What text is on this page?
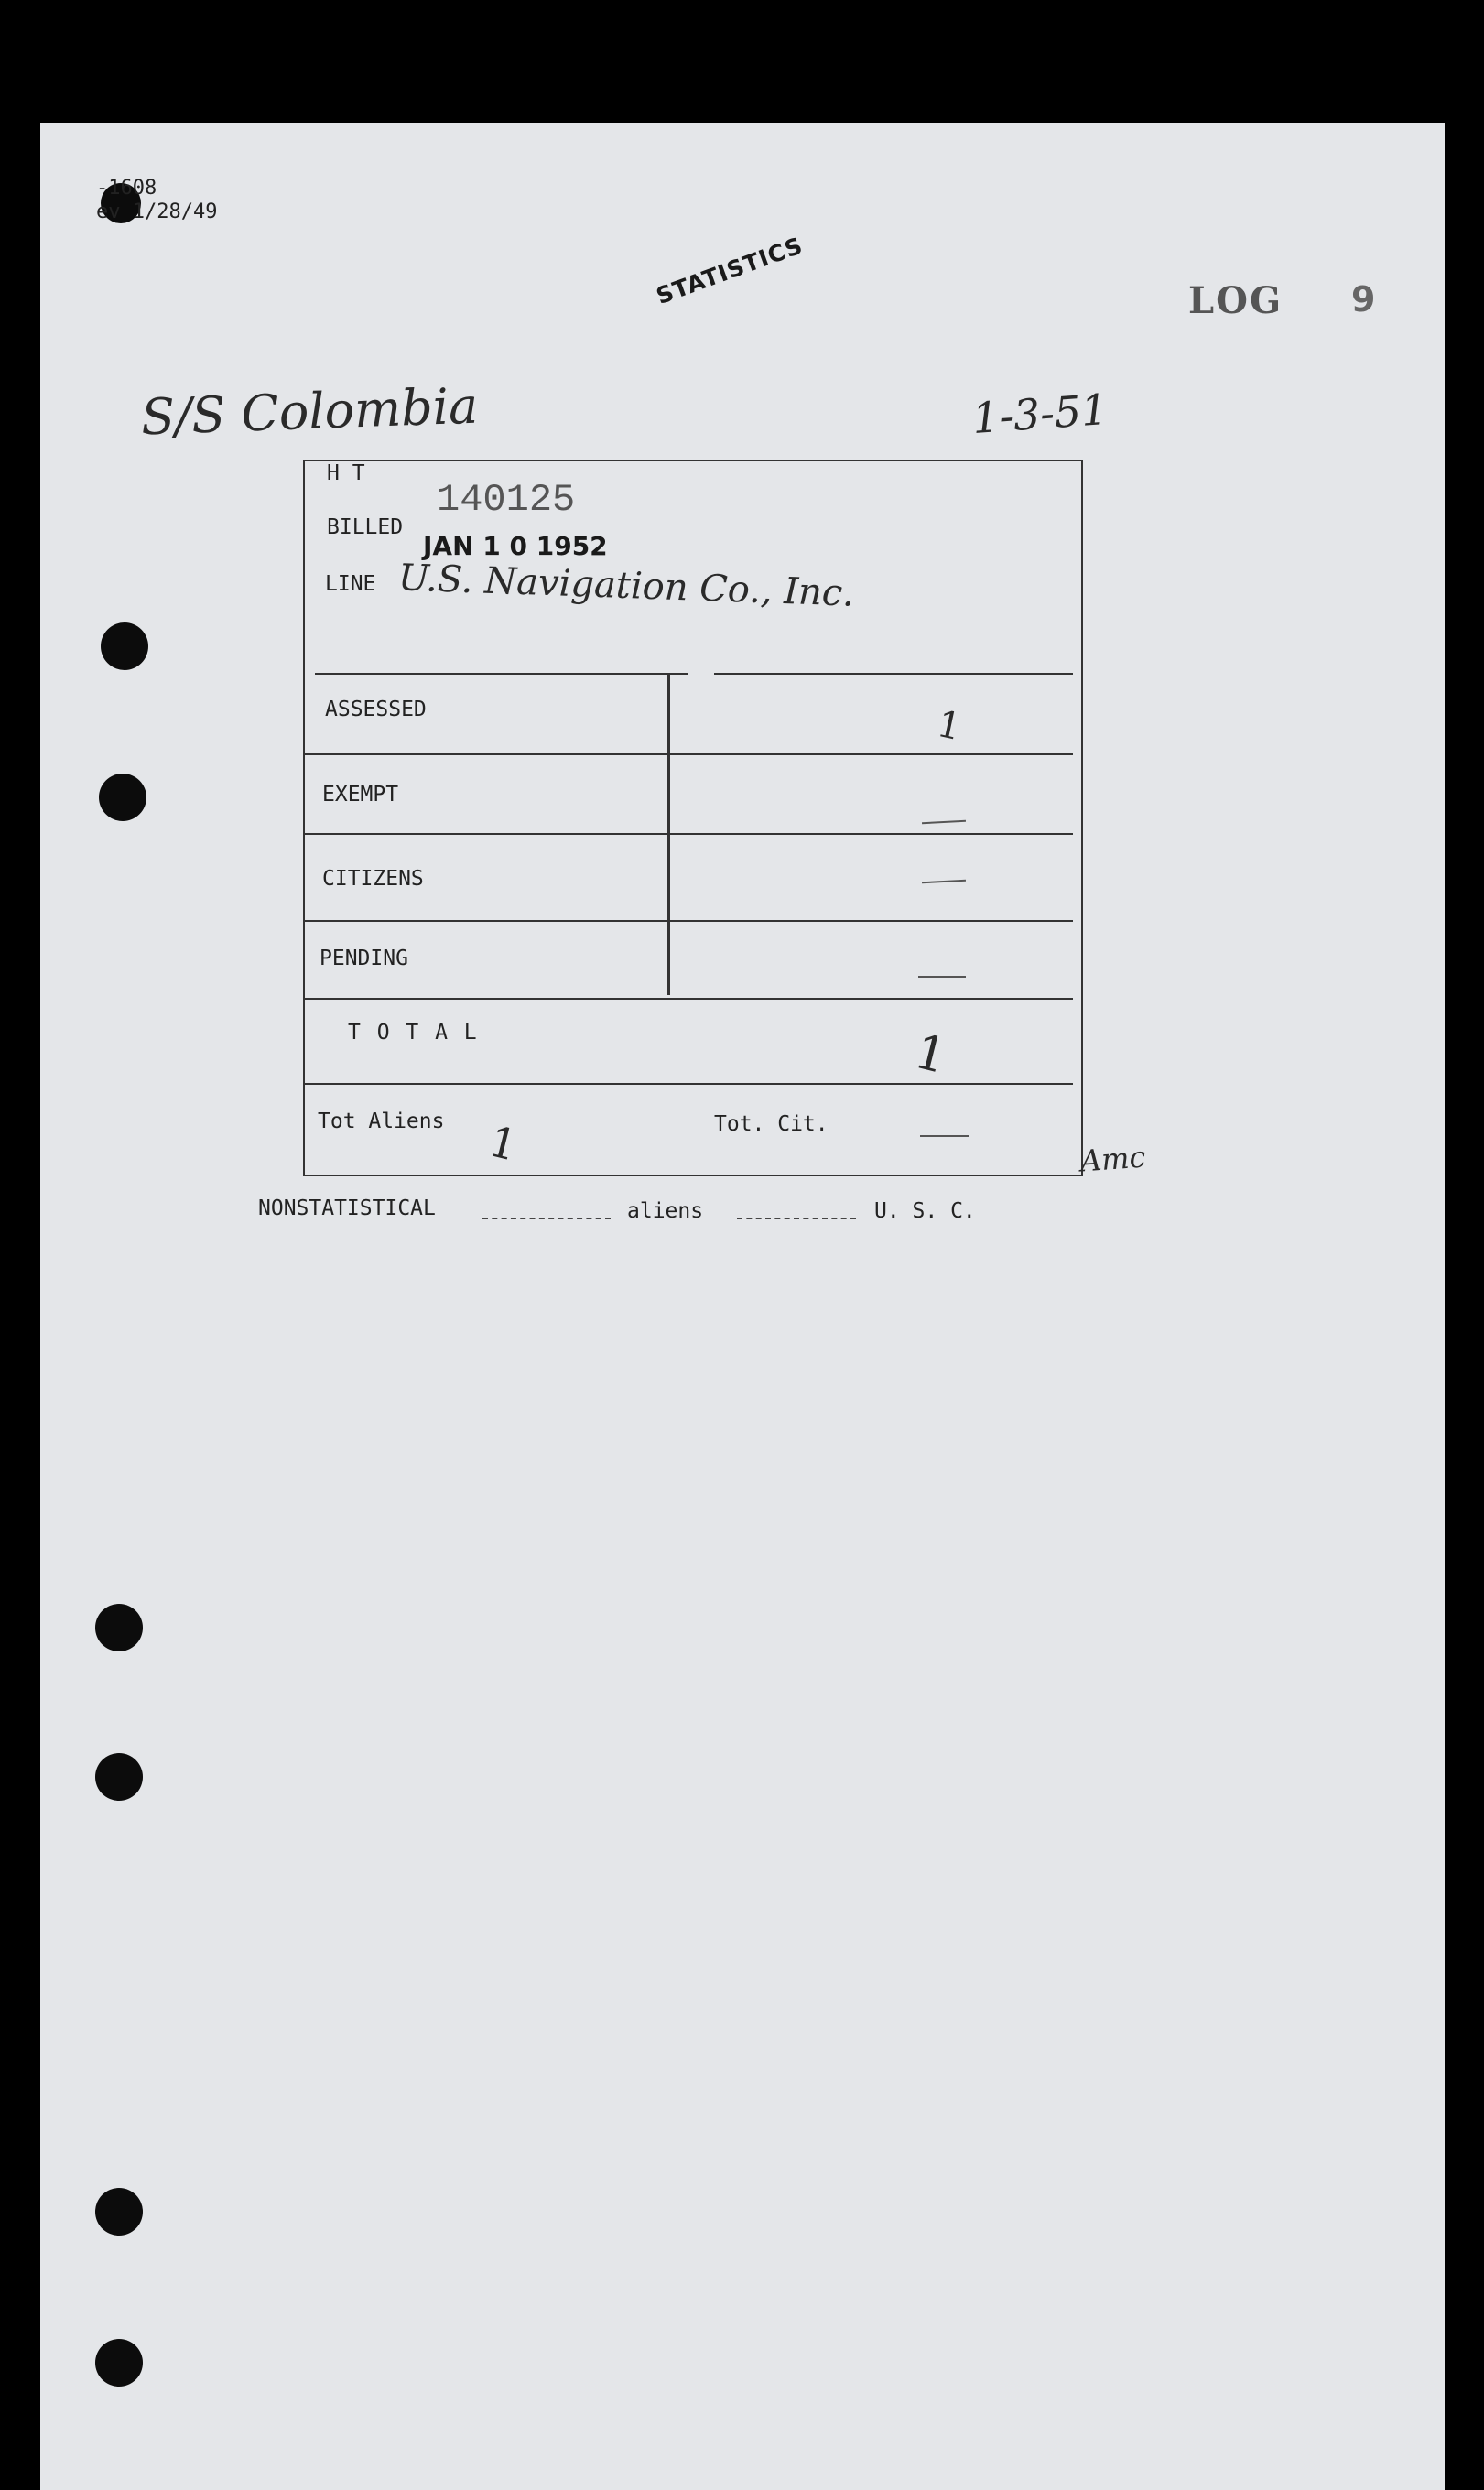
-1608
ev 1/28/49
STATISTICS	LOG 9
S/S Colombia	1-3-51
H T
140125
BILLED
JAN 1 0 1952
LINE U.S. Navigation Co., Inc.
ASSESSED	1
EXEMPT
CITIZENS
PENDING
T O T A L	1
Tot Aliens 1	Tot. Cit.
Amc
NONSTATISTICAL	aliens	U. S. C.
